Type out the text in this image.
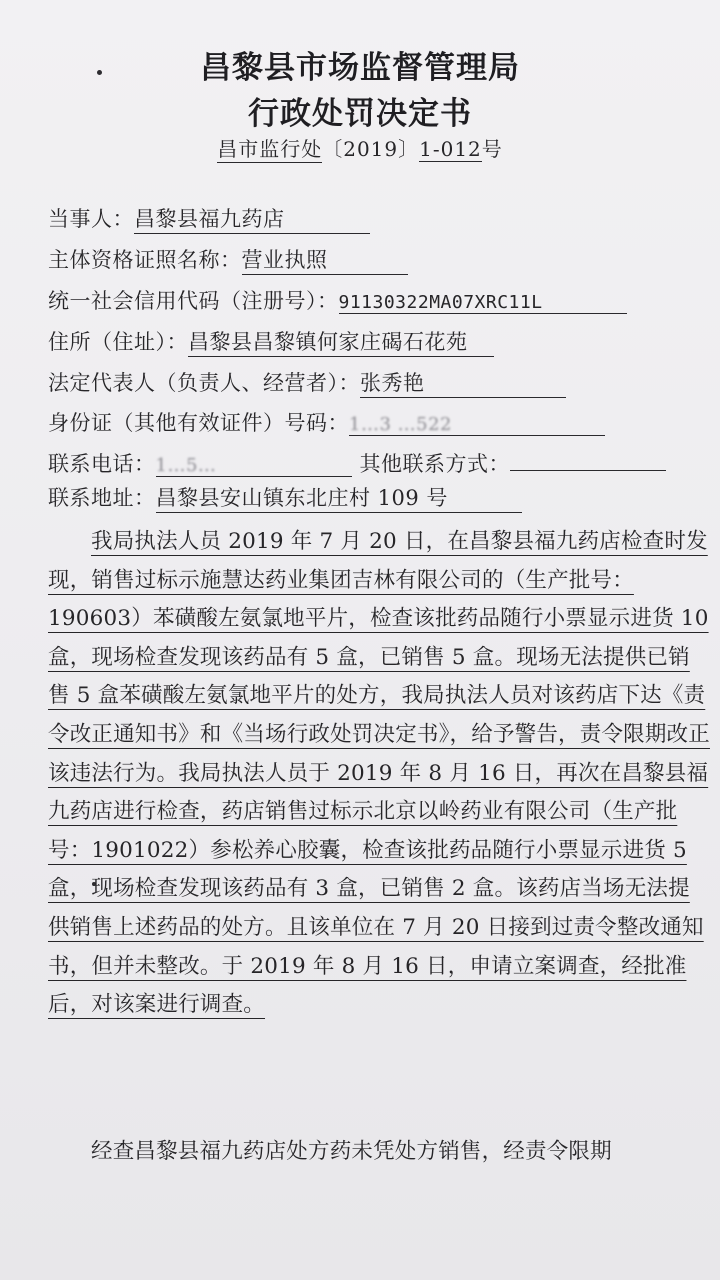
昌黎县市场监督管理局
行政处罚决定书
昌市监行处〔2019〕1-012号
当事人：昌黎县福九药店
主体资格证照名称：营业执照
统一社会信用代码（注册号）：91130322MA07XRC11L
住所（住址）：昌黎县昌黎镇何家庄碣石花苑
法定代表人（负责人、经营者）：张秀艳
身份证（其他有效证件）号码：1…3 …522
联系电话：1…5…	其他联系方式：
联系地址：昌黎县安山镇东北庄村 109 号

我局执法人员 2019 年 7 月 20 日，在昌黎县福九药店检查时发现，销售过标示施慧达药业集团吉林有限公司的（生产批号：190603）苯磺酸左氨氯地平片，检查该批药品随行小票显示进货 10 盒，现场检查发现该药品有 5 盒，已销售 5 盒。现场无法提供已销售 5 盒苯磺酸左氨氯地平片的处方，我局执法人员对该药店下达《责令改正通知书》和《当场行政处罚决定书》，给予警告，责令限期改正该违法行为。我局执法人员于 2019 年 8 月 16 日，再次在昌黎县福九药店进行检查，药店销售过标示北京以岭药业有限公司（生产批号：1901022）参松养心胶囊，检查该批药品随行小票显示进货 5 盒，现场检查发现该药品有 3 盒，已销售 2 盒。该药店当场无法提供销售上述药品的处方。且该单位在 7 月 20 日接到过责令整改通知书，但并未整改。于 2019 年 8 月 16 日，申请立案调查，经批准后，对该案进行调查。

经查昌黎县福九药店处方药未凭处方销售，经责令限期
